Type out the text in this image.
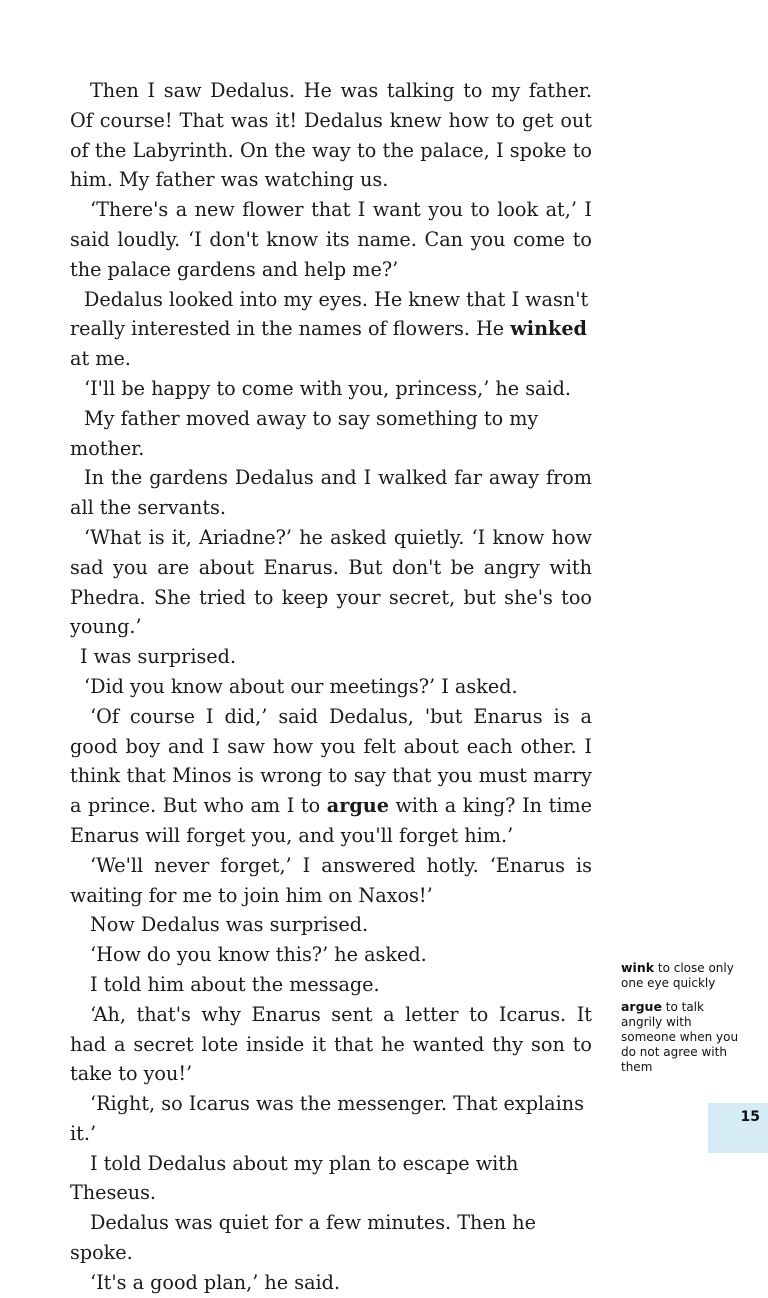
Then I saw Dedalus. He was talking to my father. Of course! That was it! Dedalus knew how to get out of the Labyrinth. On the way to the palace, I spoke to him. My father was watching us.

‘There's a new flower that I want you to look at,’ I said loudly. ‘I don't know its name. Can you come to the palace gardens and help me?’

Dedalus looked into my eyes. He knew that I wasn't really interested in the names of flowers. He winked at me.

‘I'll be happy to come with you, princess,’ he said.

My father moved away to say something to my mother.

In the gardens Dedalus and I walked far away from all the servants.

‘What is it, Ariadne?’ he asked quietly. ‘I know how sad you are about Enarus. But don't be angry with Phedra. She tried to keep your secret, but she's too young.’

I was surprised.

‘Did you know about our meetings?’ I asked.

‘Of course I did,’ said Dedalus, 'but Enarus is a good boy and I saw how you felt about each other. I think that Minos is wrong to say that you must marry a prince. But who am I to argue with a king? In time Enarus will forget you, and you'll forget him.’

‘We'll never forget,’ I answered hotly. ‘Enarus is waiting for me to join him on Naxos!’

Now Dedalus was surprised.

‘How do you know this?’ he asked.

I told him about the message.

‘Ah, that's why Enarus sent a letter to Icarus. It had a secret lote inside it that he wanted thy son to take to you!’

‘Right, so Icarus was the messenger. That explains it.’

I told Dedalus about my plan to escape with Theseus.

Dedalus was quiet for a few minutes. Then he spoke.

‘It's a good plan,’ he said.

wink to close only one eye quickly
argue to talk angrily with someone when you do not agree with them
15
